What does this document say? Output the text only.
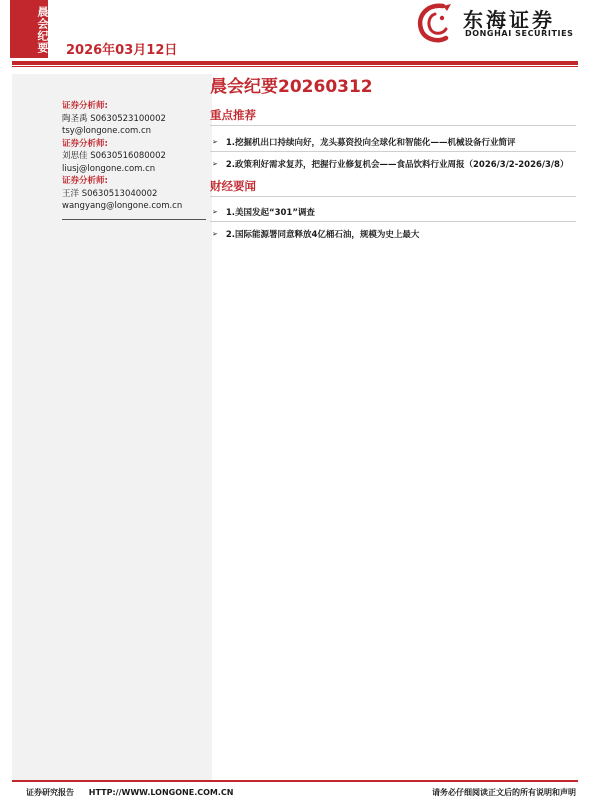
晨会纪要 2026年03月12日
东海证券
DONGHAI SECURITIES
证券分析师:
陶圣禹 S0630523100002
tsy@longone.com.cn
证券分析师:
刘思佳 S0630516080002
liusj@longone.com.cn
证券分析师:
王洋 S0630513040002
wangyang@longone.com.cn
晨会纪要20260312
重点推荐
➢ 1.挖掘机出口持续向好，龙头募资投向全球化和智能化——机械设备行业简评
➢ 2.政策利好需求复苏，把握行业修复机会——食品饮料行业周报（2026/3/2-2026/3/8）
财经要闻
➢ 1.美国发起“301”调查
➢ 2.国际能源署同意释放4亿桶石油，规模为史上最大
证券研究报告 HTTP://WWW.LONGONE.COM.CN	请务必仔细阅读正文后的所有说明和声明
